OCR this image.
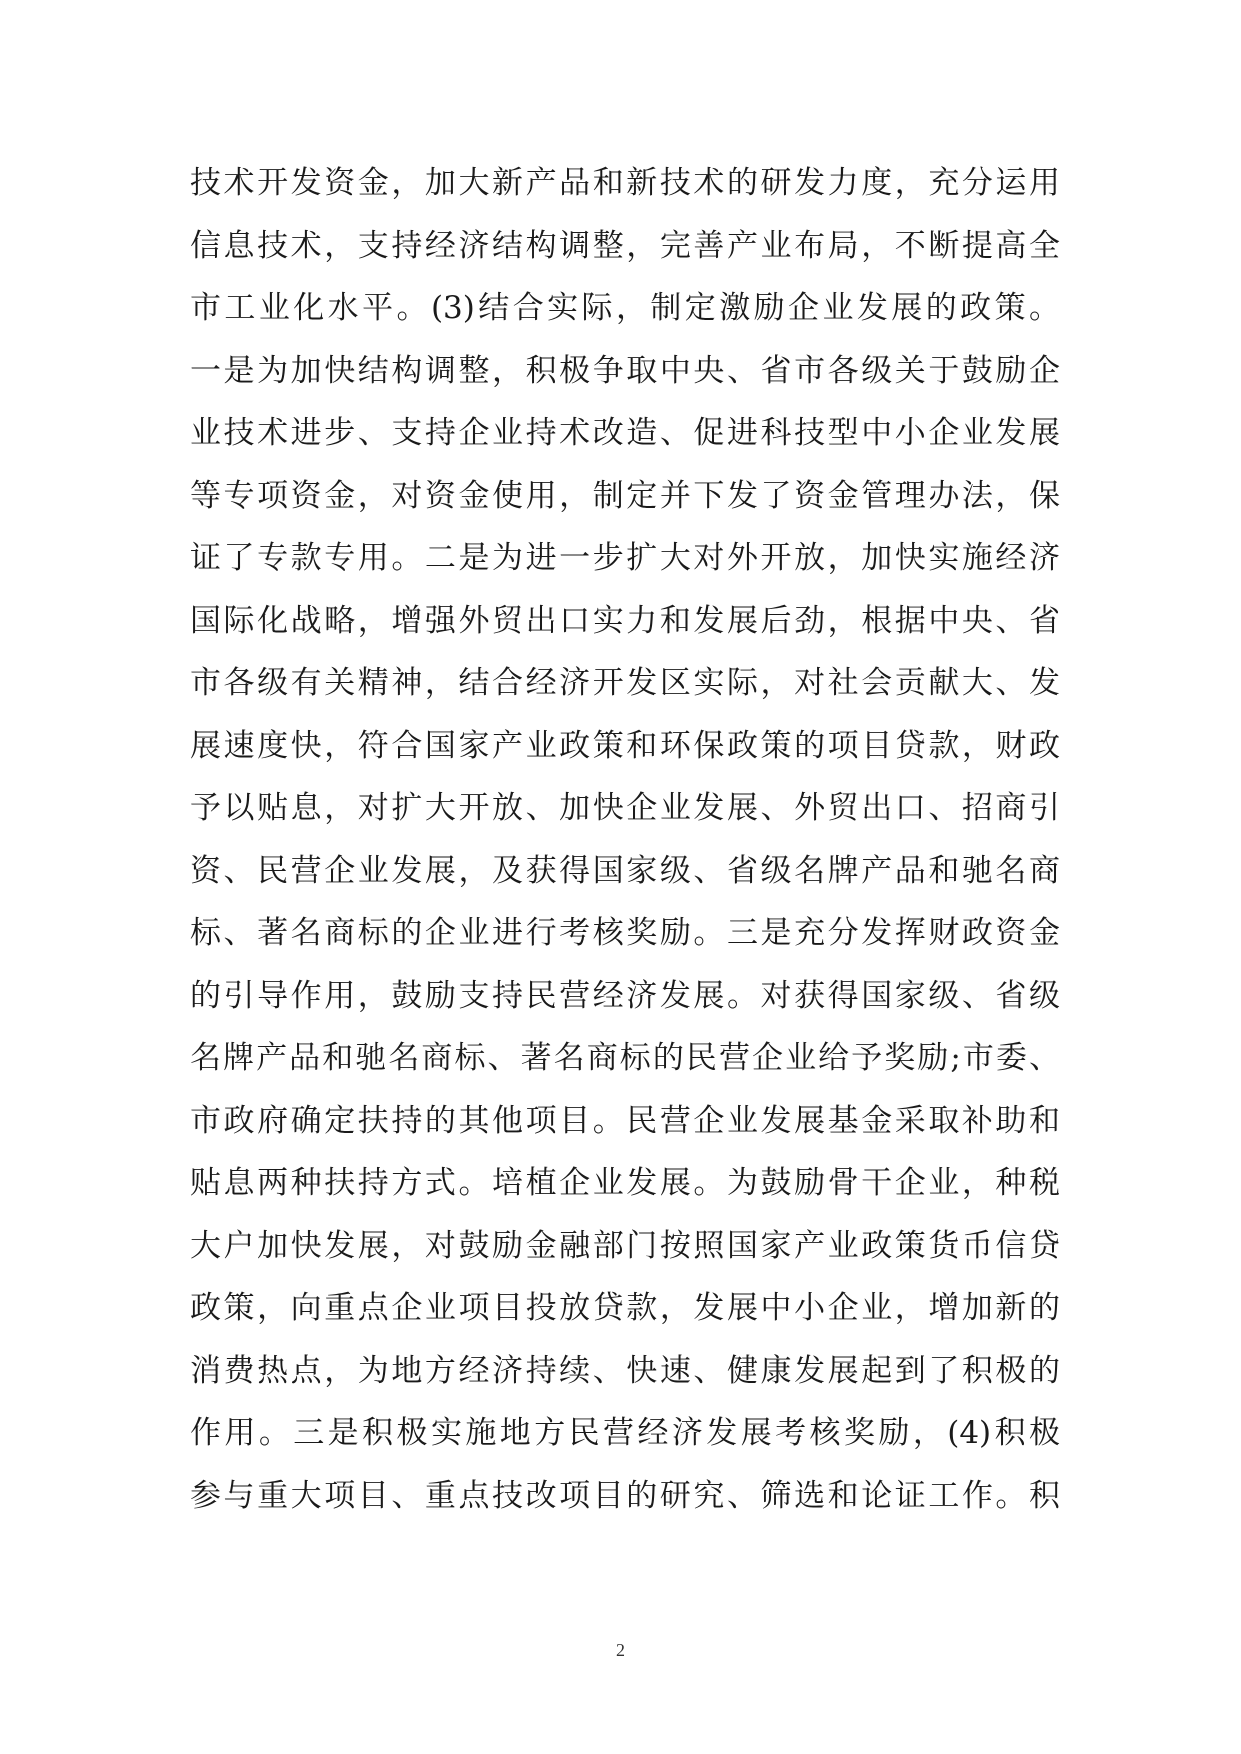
技术开发资金，加大新产品和新技术的研发力度，充分运用
信息技术，支持经济结构调整，完善产业布局，不断提高全
市工业化水平。(3)结合实际，制定激励企业发展的政策。
一是为加快结构调整，积极争取中央、省市各级关于鼓励企
业技术进步、支持企业持术改造、促进科技型中小企业发展
等专项资金，对资金使用，制定并下发了资金管理办法，保
证了专款专用。二是为进一步扩大对外开放，加快实施经济
国际化战略，增强外贸出口实力和发展后劲，根据中央、省
市各级有关精神，结合经济开发区实际，对社会贡献大、发
展速度快，符合国家产业政策和环保政策的项目贷款，财政
予以贴息，对扩大开放、加快企业发展、外贸出口、招商引
资、民营企业发展，及获得国家级、省级名牌产品和驰名商
标、著名商标的企业进行考核奖励。三是充分发挥财政资金
的引导作用，鼓励支持民营经济发展。对获得国家级、省级
名牌产品和驰名商标、著名商标的民营企业给予奖励;市委、
市政府确定扶持的其他项目。民营企业发展基金采取补助和
贴息两种扶持方式。培植企业发展。为鼓励骨干企业，种税
大户加快发展，对鼓励金融部门按照国家产业政策货币信贷
政策，向重点企业项目投放贷款，发展中小企业，增加新的
消费热点，为地方经济持续、快速、健康发展起到了积极的
作用。三是积极实施地方民营经济发展考核奖励，(4)积极
参与重大项目、重点技改项目的研究、筛选和论证工作。积
2
